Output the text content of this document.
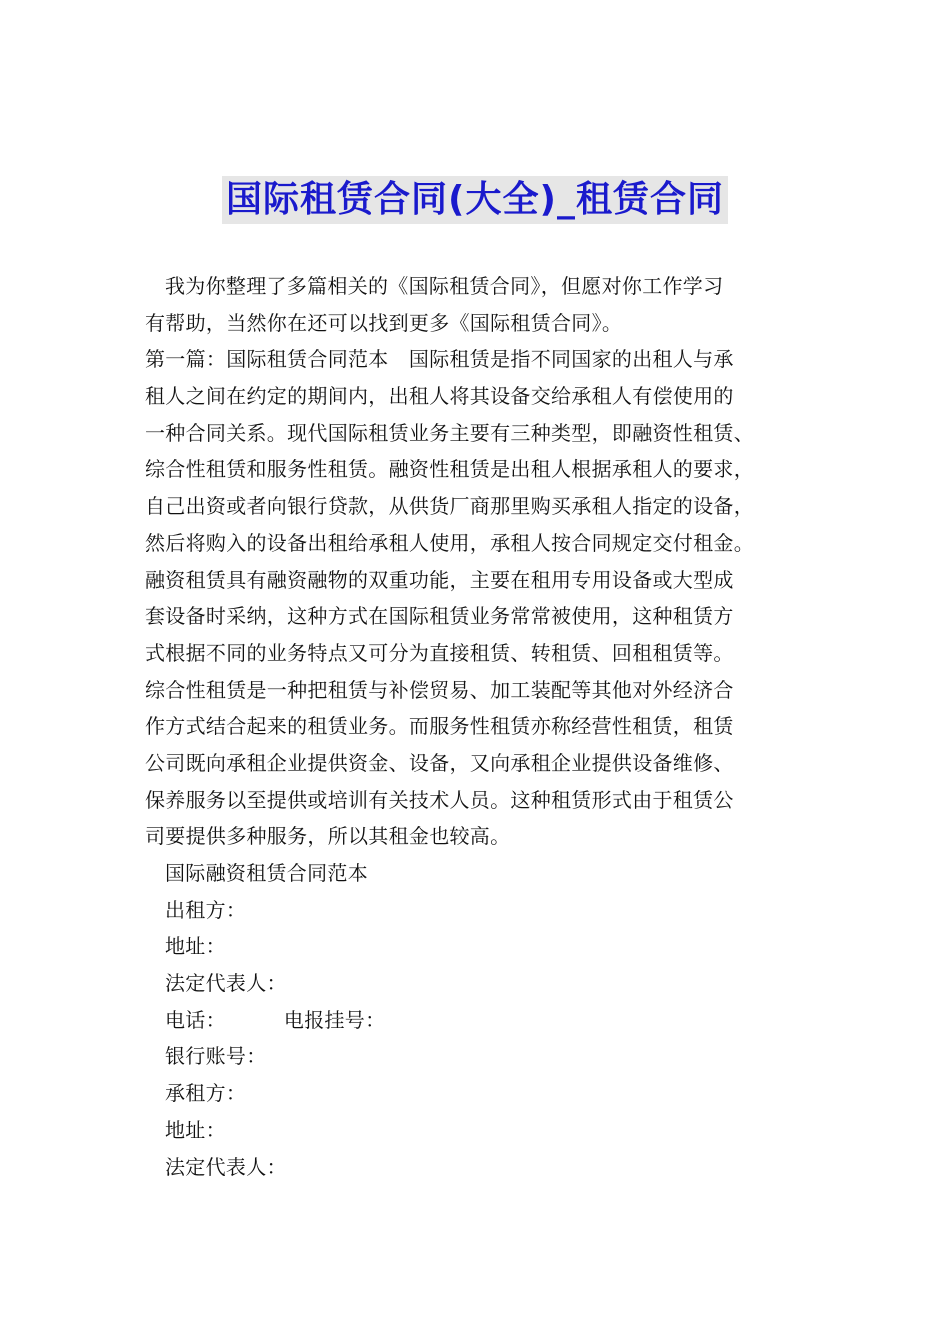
国际租赁合同(大全)_租赁合同
我为你整理了多篇相关的《国际租赁合同》，但愿对你工作学习
有帮助，当然你在还可以找到更多《国际租赁合同》。
第一篇：国际租赁合同范本　国际租赁是指不同国家的出租人与承
租人之间在约定的期间内，出租人将其设备交给承租人有偿使用的
一种合同关系。现代国际租赁业务主要有三种类型，即融资性租赁、
综合性租赁和服务性租赁。融资性租赁是出租人根据承租人的要求，
自己出资或者向银行贷款，从供货厂商那里购买承租人指定的设备，
然后将购入的设备出租给承租人使用，承租人按合同规定交付租金。
融资租赁具有融资融物的双重功能，主要在租用专用设备或大型成
套设备时采纳，这种方式在国际租赁业务常常被使用，这种租赁方
式根据不同的业务特点又可分为直接租赁、转租赁、回租租赁等。
综合性租赁是一种把租赁与补偿贸易、加工装配等其他对外经济合
作方式结合起来的租赁业务。而服务性租赁亦称经营性租赁，租赁
公司既向承租企业提供资金、设备，又向承租企业提供设备维修、
保养服务以至提供或培训有关技术人员。这种租赁形式由于租赁公
司要提供多种服务，所以其租金也较高。
国际融资租赁合同范本
出租方：
地址：
法定代表人：
电话：	电报挂号：
银行账号：
承租方：
地址：
法定代表人：
